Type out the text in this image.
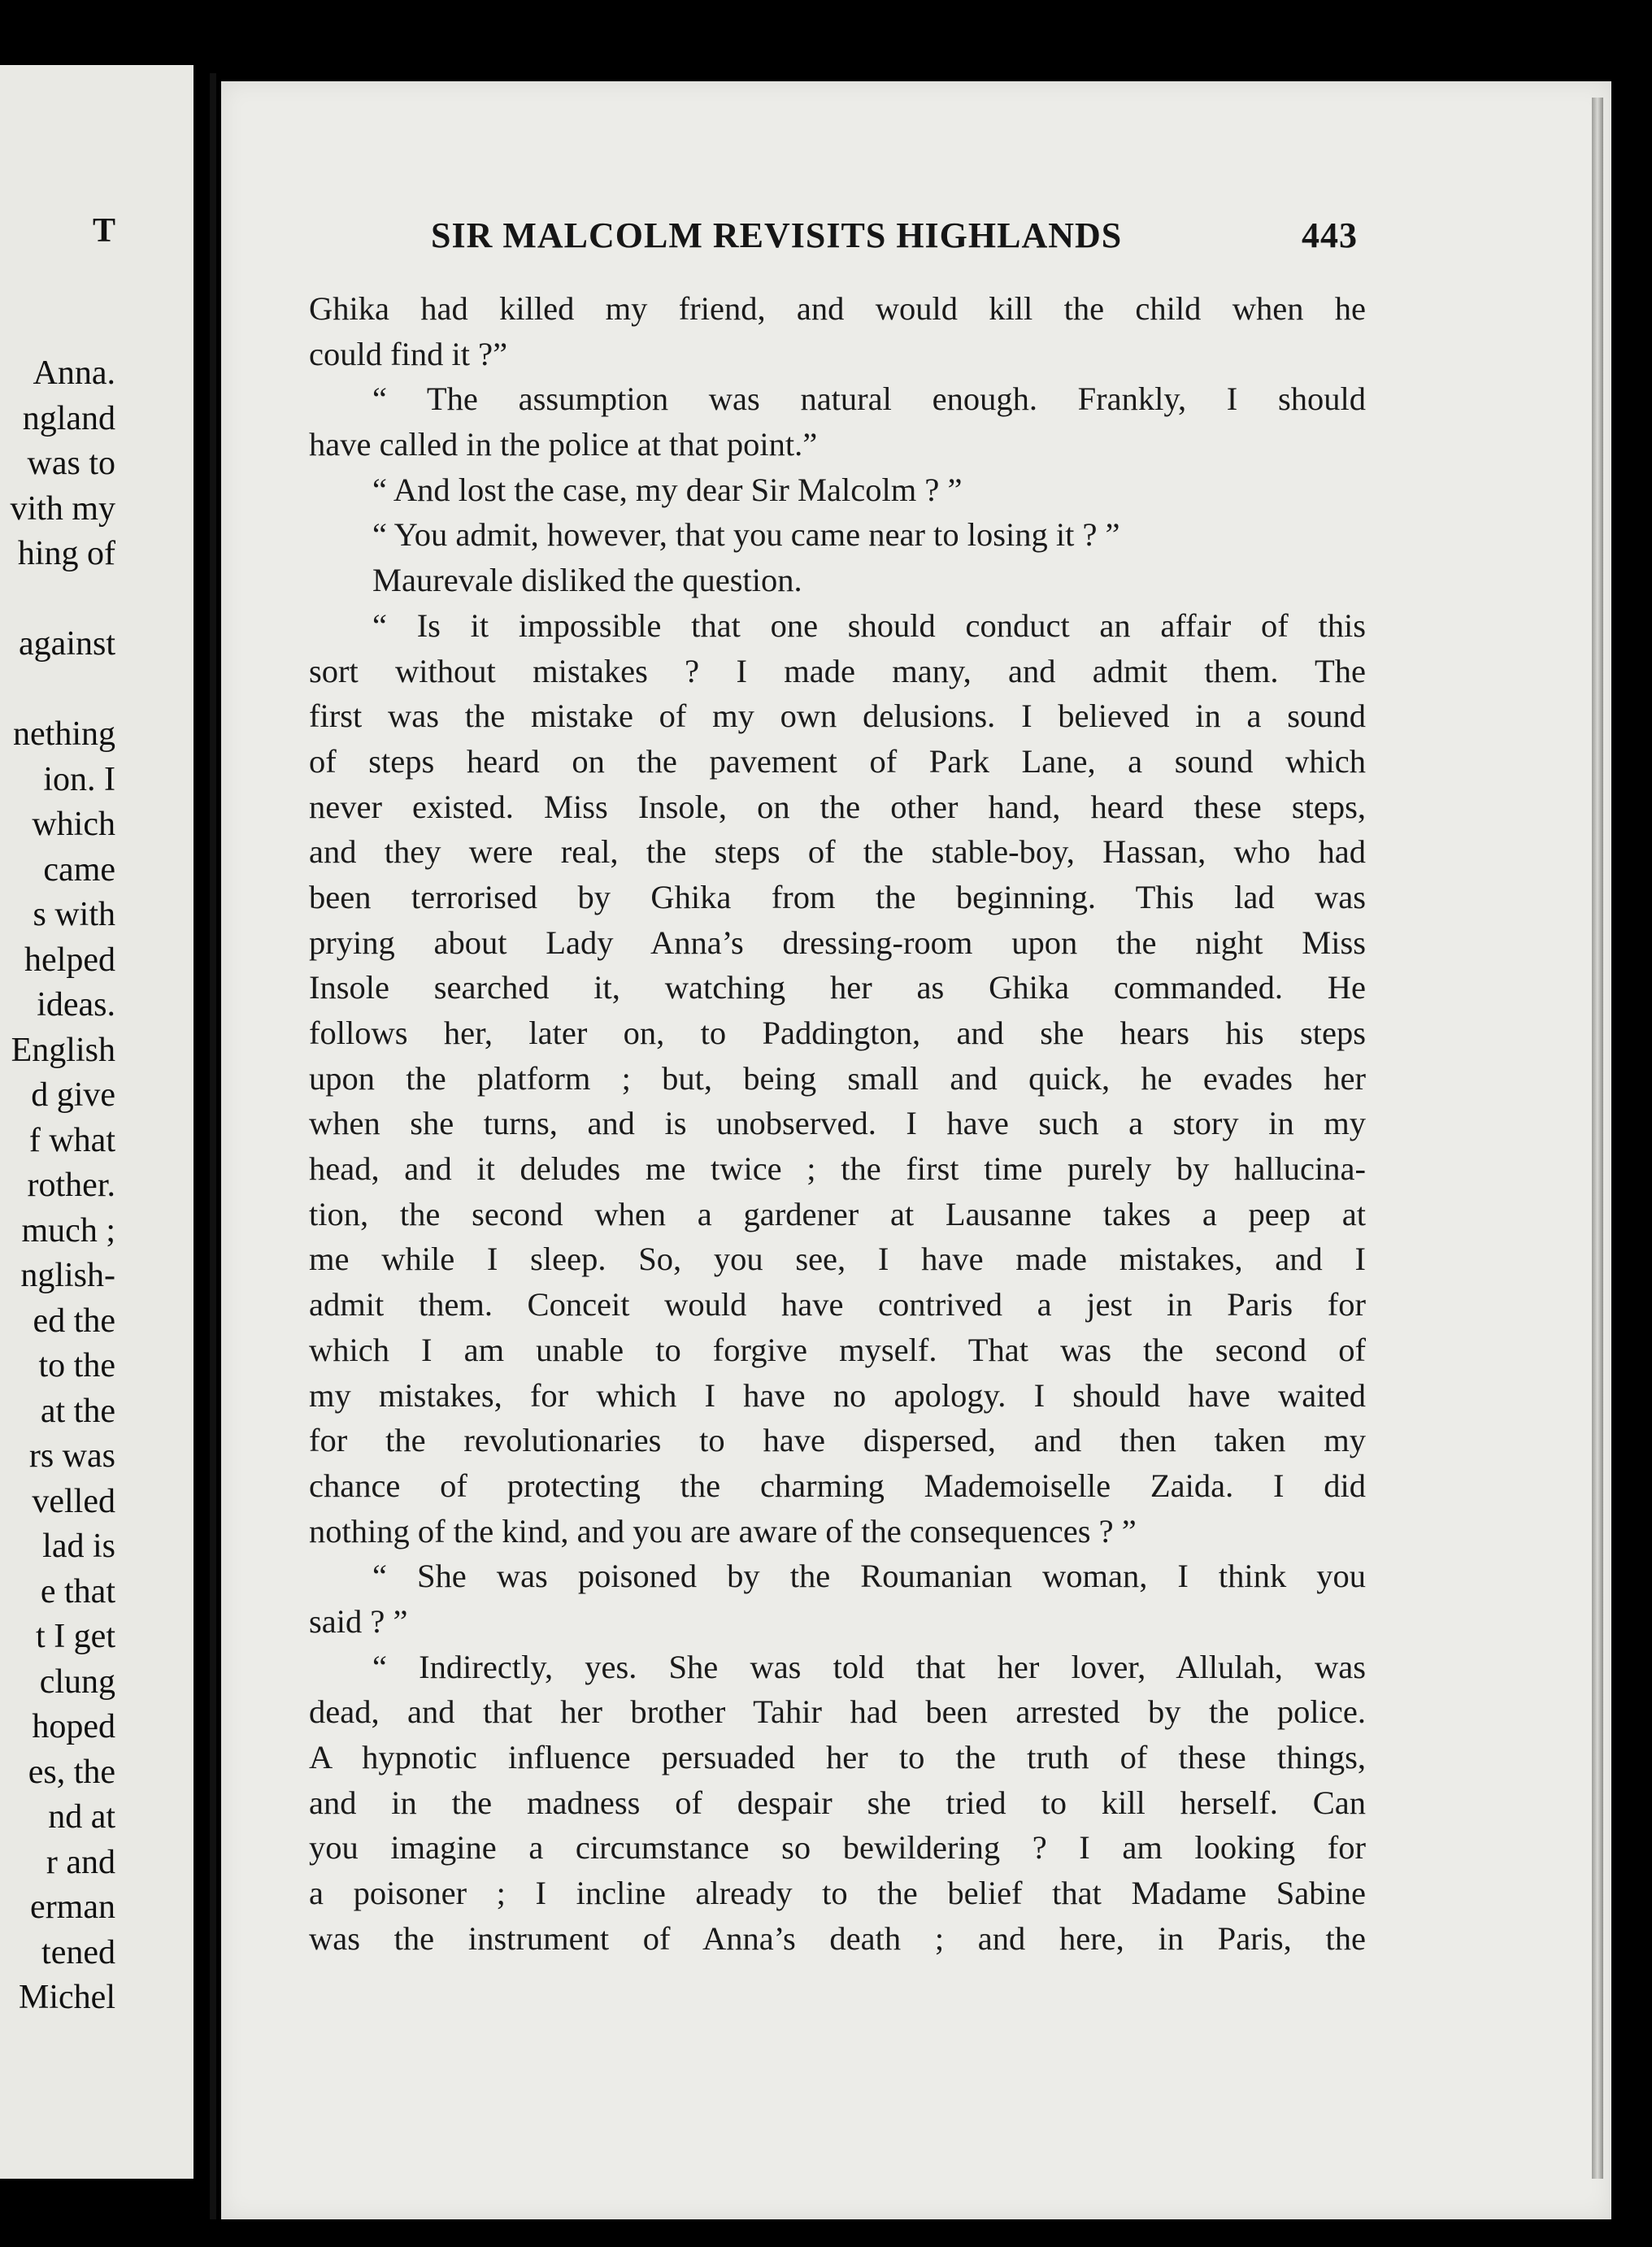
T
Anna.
ngland
was to
vith my
hing of
against
nething
ion. I
which
came
s with
helped
ideas.
English
d give
f what
rother.
much ;
nglish-
ed the
to the
at the
rs was
velled
lad is
e that
t I get
clung
hoped
es, the
nd at
r and
erman
tened
Michel
SIR MALCOLM REVISITS HIGHLANDS	443
Ghika had killed my friend, and would kill the child when he
could find it ?”
“ The assumption was natural enough. Frankly, I should
have called in the police at that point.”
“ And lost the case, my dear Sir Malcolm ? ”
“ You admit, however, that you came near to losing it ? ”
Maurevale disliked the question.
“ Is it impossible that one should conduct an affair of this
sort without mistakes ? I made many, and admit them. The
first was the mistake of my own delusions. I believed in a sound
of steps heard on the pavement of Park Lane, a sound which
never existed. Miss Insole, on the other hand, heard these steps,
and they were real, the steps of the stable-boy, Hassan, who had
been terrorised by Ghika from the beginning. This lad was
prying about Lady Anna’s dressing-room upon the night Miss
Insole searched it, watching her as Ghika commanded. He
follows her, later on, to Paddington, and she hears his steps
upon the platform ; but, being small and quick, he evades her
when she turns, and is unobserved. I have such a story in my
head, and it deludes me twice ; the first time purely by hallucina-
tion, the second when a gardener at Lausanne takes a peep at
me while I sleep. So, you see, I have made mistakes, and I
admit them. Conceit would have contrived a jest in Paris for
which I am unable to forgive myself. That was the second of
my mistakes, for which I have no apology. I should have waited
for the revolutionaries to have dispersed, and then taken my
chance of protecting the charming Mademoiselle Zaida. I did
nothing of the kind, and you are aware of the consequences ? ”
“ She was poisoned by the Roumanian woman, I think you
said ? ”
“ Indirectly, yes. She was told that her lover, Allulah, was
dead, and that her brother Tahir had been arrested by the police.
A hypnotic influence persuaded her to the truth of these things,
and in the madness of despair she tried to kill herself. Can
you imagine a circumstance so bewildering ? I am looking for
a poisoner ; I incline already to the belief that Madame Sabine
was the instrument of Anna’s death ; and here, in Paris, the
